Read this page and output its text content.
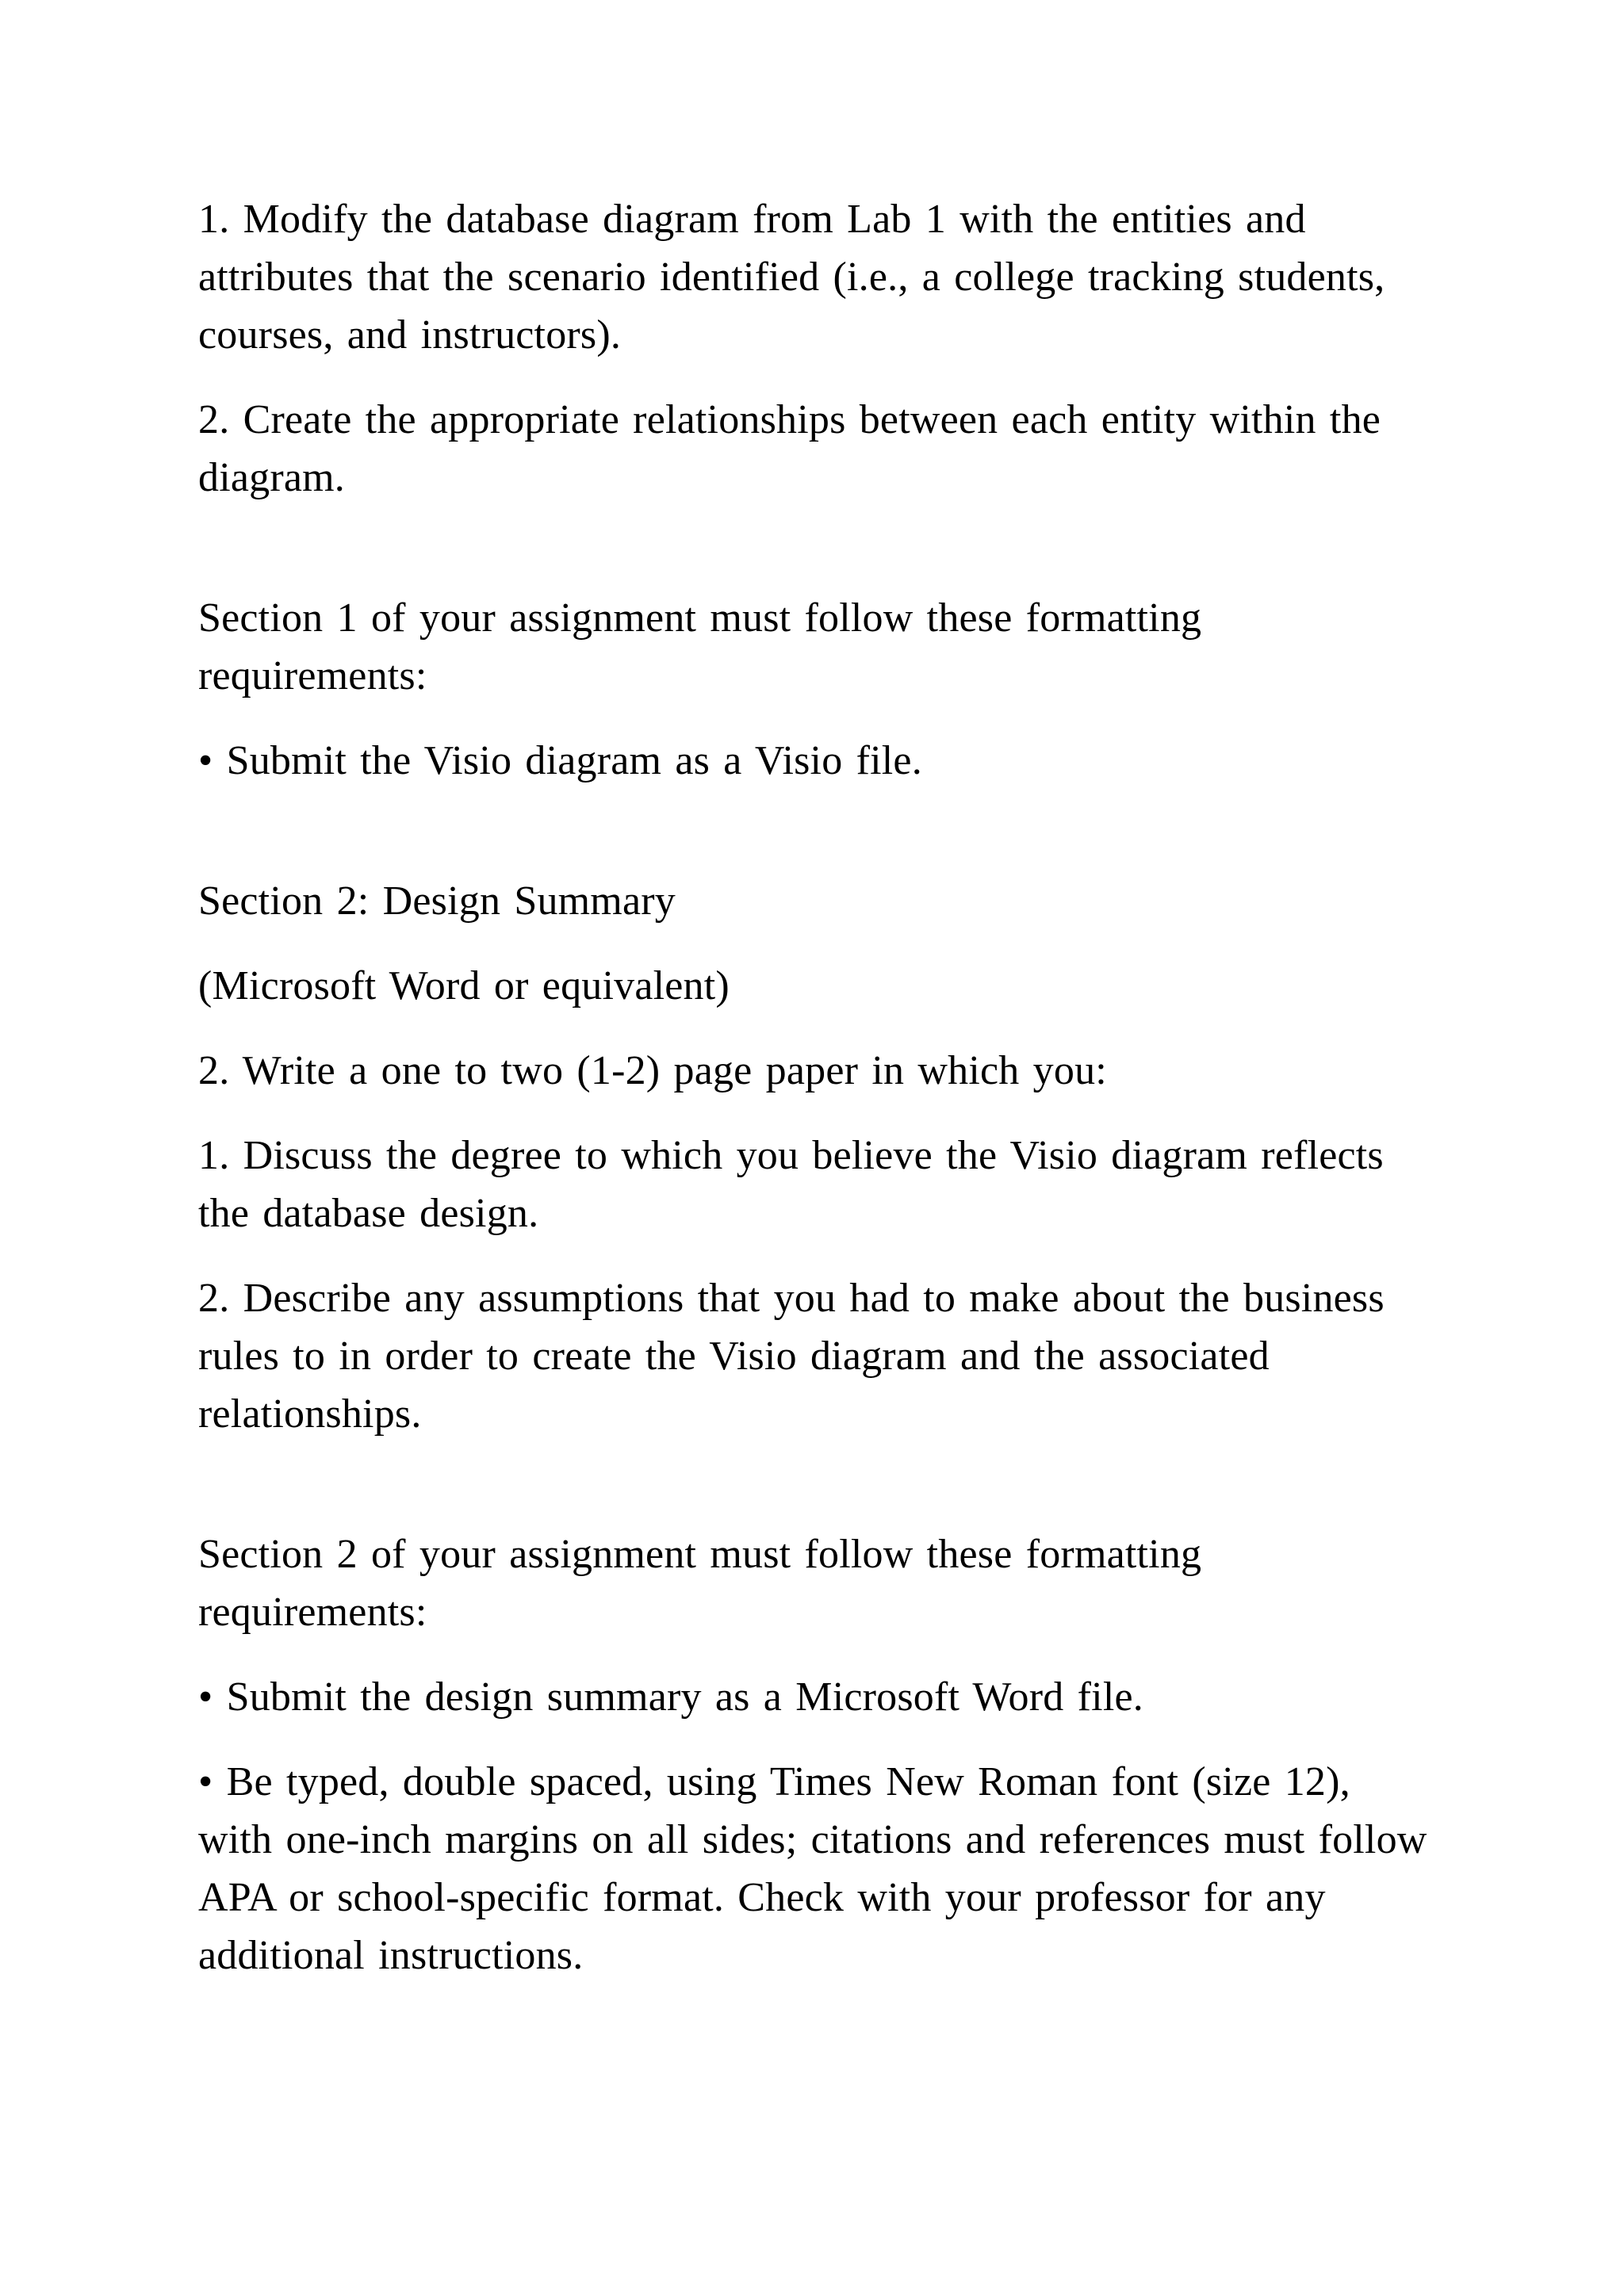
1. Modify the database diagram from Lab 1 with the entities and attributes that the scenario identified (i.e., a college tracking students, courses, and instructors).

2. Create the appropriate relationships between each entity within the diagram.

Section 1 of your assignment must follow these formatting requirements:

• Submit the Visio diagram as a Visio file.

Section 2: Design Summary

(Microsoft Word or equivalent)

2. Write a one to two (1-2) page paper in which you:

1. Discuss the degree to which you believe the Visio diagram reflects the database design.

2. Describe any assumptions that you had to make about the business rules to in order to create the Visio diagram and the associated relationships.

Section 2 of your assignment must follow these formatting requirements:

• Submit the design summary as a Microsoft Word file.

• Be typed, double spaced, using Times New Roman font (size 12), with one-inch margins on all sides; citations and references must follow APA or school-specific format. Check with your professor for any additional instructions.
